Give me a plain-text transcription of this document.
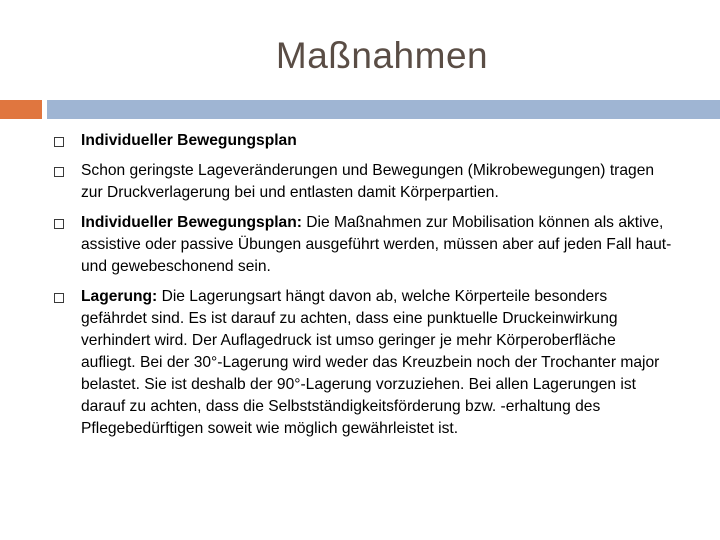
Maßnahmen
Individueller Bewegungsplan
Schon geringste Lageveränderungen und Bewegungen (Mikrobewegungen) tragen zur Druckverlagerung bei und entlasten damit Körperpartien.
Individueller Bewegungsplan: Die Maßnahmen zur Mobilisation können als aktive, assistive oder passive Übungen ausgeführt werden, müssen aber auf jeden Fall haut- und gewebeschonend sein.
Lagerung: Die Lagerungsart hängt davon ab, welche Körperteile besonders gefährdet sind. Es ist darauf zu achten, dass eine punktuelle Druckeinwirkung verhindert wird. Der Auflagedruck ist umso geringer je mehr Körperoberfläche aufliegt. Bei der 30°-Lagerung wird weder das Kreuzbein noch der Trochanter major belastet. Sie ist deshalb der 90°-Lagerung vorzuziehen. Bei allen Lagerungen ist darauf zu achten, dass die Selbstständigkeitsförderung bzw. -erhaltung des Pflegebedürftigen soweit wie möglich gewährleistet ist.
